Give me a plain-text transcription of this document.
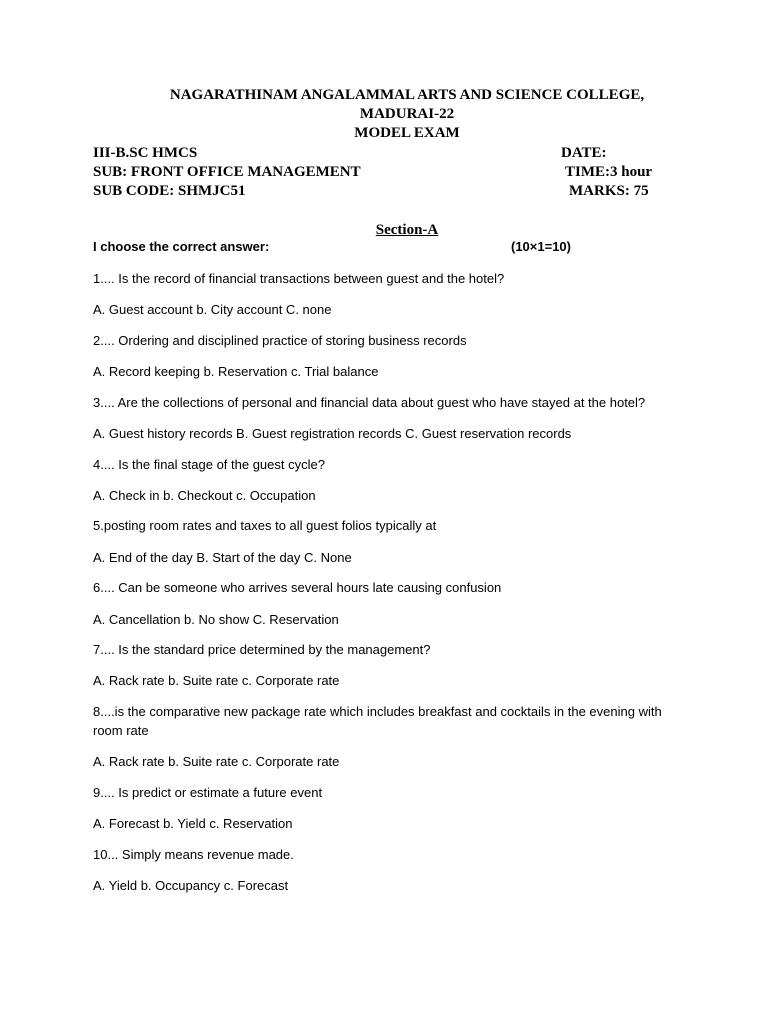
NAGARATHINAM ANGALAMMAL ARTS AND SCIENCE COLLEGE,
MADURAI-22
MODEL EXAM
III-B.SC HMCS	DATE:
SUB: FRONT OFFICE MANAGEMENT	TIME:3 hour
SUB CODE: SHMJC51	MARKS: 75
Section-A
I choose the correct answer:	(10×1=10)
1.... Is the record of financial transactions between guest and the hotel?
A. Guest account b. City account C. none
2.... Ordering and disciplined practice of storing business records
A. Record keeping b. Reservation c. Trial balance
3.... Are the collections of personal and financial data about guest who have stayed at the hotel?
A. Guest history records B. Guest registration records C. Guest reservation records
4.... Is the final stage of the guest cycle?
A. Check in b. Checkout c. Occupation
5.posting room rates and taxes to all guest folios typically at
A. End of the day B. Start of the day C. None
6.... Can be someone who arrives several hours late causing confusion
A. Cancellation b. No show C. Reservation
7.... Is the standard price determined by the management?
A. Rack rate b. Suite rate c. Corporate rate
8....is the comparative new package rate which includes breakfast and cocktails in the evening with room rate
A. Rack rate b. Suite rate c. Corporate rate
9.... Is predict or estimate a future event
A. Forecast b. Yield c. Reservation
10... Simply means revenue made.
A. Yield b. Occupancy c. Forecast
